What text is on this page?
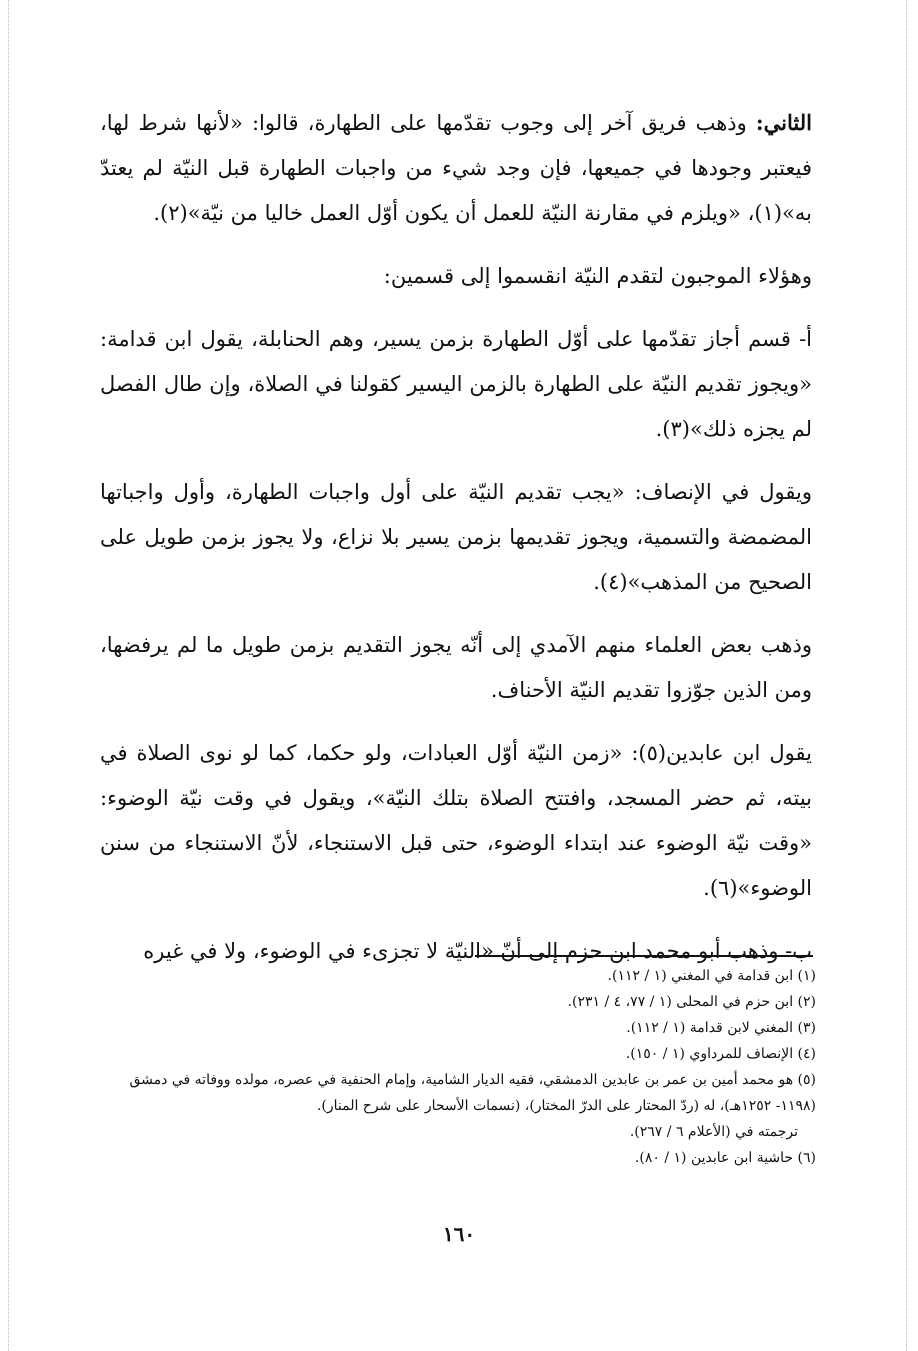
الثاني: وذهب فريق آخر إلى وجوب تقدّمها على الطهارة، قالوا: «لأنها شرط لها، فيعتبر وجودها في جميعها، فإن وجد شيء من واجبات الطهارة قبل النيّة لم يعتدّ به»(١)، «ويلزم في مقارنة النيّة للعمل أن يكون أوّل العمل خاليا من نيّة»(٢).

وهؤلاء الموجبون لتقدم النيّة انقسموا إلى قسمين:

أ- قسم أجاز تقدّمها على أوّل الطهارة بزمن يسير، وهم الحنابلة، يقول ابن قدامة: «ويجوز تقديم النيّة على الطهارة بالزمن اليسير كقولنا في الصلاة، وإن طال الفصل لم يجزه ذلك»(٣).

ويقول في الإنصاف: «يجب تقديم النيّة على أول واجبات الطهارة، وأول واجباتها المضمضة والتسمية، ويجوز تقديمها بزمن يسير بلا نزاع، ولا يجوز بزمن طويل على الصحيح من المذهب»(٤).

وذهب بعض العلماء منهم الآمدي إلى أنّه يجوز التقديم بزمن طويل ما لم يرفضها، ومن الذين جوّزوا تقديم النيّة الأحناف.

يقول ابن عابدين(٥): «زمن النيّة أوّل العبادات، ولو حكما، كما لو نوى الصلاة في بيته، ثم حضر المسجد، وافتتح الصلاة بتلك النيّة»، ويقول في وقت نيّة الوضوء: «وقت نيّة الوضوء عند ابتداء الوضوء، حتى قبل الاستنجاء، لأنّ الاستنجاء من سنن الوضوء»(٦).

ب- وذهب أبو محمد ابن حزم إلى أنّ «النيّة لا تجزىء في الوضوء، ولا في غيره

(١) ابن قدامة في المغني (١ / ١١٢).

(٢) ابن حزم في المحلى (١ / ٧٧، ٤ / ٢٣١).

(٣) المغني لابن قدامة (١ / ١١٢).

(٤) الإنصاف للمرداوي (١ / ١٥٠).

(٥) هو محمد أمين بن عمر بن عابدين الدمشقي، فقيه الديار الشامية، وإمام الحنفية في عصره، مولده ووفاته في دمشق (١١٩٨- ١٢٥٢هـ)، له (ردّ المحتار على الدرّ المختار)، (نسمات الأسحار على شرح المنار).

ترجمته في (الأعلام ٦ / ٢٦٧).

(٦) حاشية ابن عابدين (١ / ٨٠).

١٦٠
